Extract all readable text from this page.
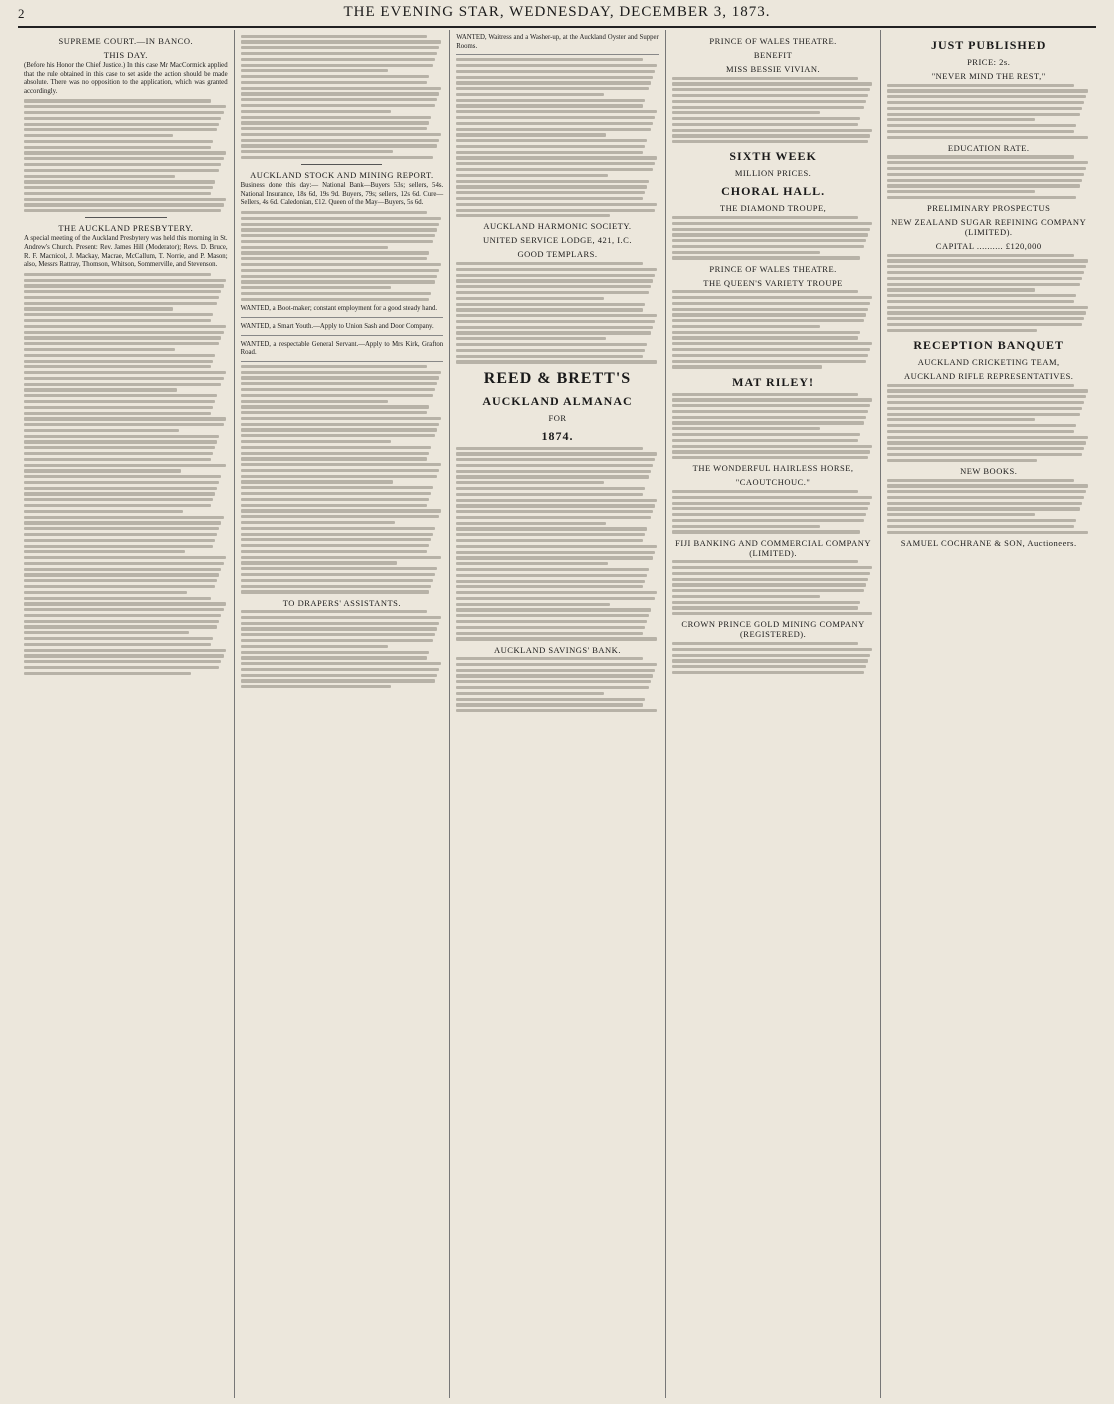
2	THE EVENING STAR, WEDNESDAY, DECEMBER 3, 1873.
SUPREME COURT.—IN BANCO.
THIS DAY.
(Before his Honor the Chief Justice.) In this case Mr MacCormick applied that the rule obtained in this case to set aside the action should be made absolute. There was no opposition to the application, which was granted accordingly.
THE AUCKLAND PRESBYTERY.
A special meeting of the Auckland Presbytery was held this morning in St. Andrew's Church. Present: Rev. James Hill (Moderator); Revs. D. Bruce, R. F. Macnicol, J. Mackay, Macrae, McCallum, T. Norrie, and P. Mason; also, Messrs Rattray, Thomson, Whitson, Sommerville, and Stevenson.
AUCKLAND STOCK AND MINING REPORT.
Business done this day:— National Bank—Buyers 53s; sellers, 54s. National Insurance, 18s 6d, 19s 9d. Buyers, 79s; sellers, 12s 6d. Cure—Sellers, 4s 6d. Caledonian, £12. Queen of the May—Buyers, 5s 6d.
WANTED, a Boot-maker; constant employment for a good steady hand.
WANTED, a Smart Youth.—Apply to Union Sash and Door Company.
WANTED, a respectable General Servant.—Apply to Mrs Kirk, Grafton Road.
TO DRAPERS' ASSISTANTS.
WANTED, Waitress and a Washer-up, at the Auckland Oyster and Supper Rooms.
AUCKLAND HARMONIC SOCIETY.
UNITED SERVICE LODGE, 421, I.C.
GOOD TEMPLARS.
REED & BRETT'S
AUCKLAND ALMANAC
FOR
1874.
AUCKLAND SAVINGS' BANK.
PRINCE OF WALES THEATRE.
BENEFIT
MISS BESSIE VIVIAN.
SIXTH WEEK
MILLION PRICES.
CHORAL HALL.
THE DIAMOND TROUPE,
PRINCE OF WALES THEATRE.
THE QUEEN'S VARIETY TROUPE
MAT RILEY!
THE WONDERFUL HAIRLESS HORSE,
"CAOUTCHOUC."
FIJI BANKING AND COMMERCIAL COMPANY (LIMITED).
CROWN PRINCE GOLD MINING COMPANY (REGISTERED).
JUST PUBLISHED
PRICE: 2s.
"NEVER MIND THE REST,"
EDUCATION RATE.
PRELIMINARY PROSPECTUS
NEW ZEALAND SUGAR REFINING COMPANY (LIMITED).
CAPITAL .......... £120,000
RECEPTION BANQUET
AUCKLAND CRICKETING TEAM,
AUCKLAND RIFLE REPRESENTATIVES.
NEW BOOKS.
SAMUEL COCHRANE & SON, Auctioneers.
